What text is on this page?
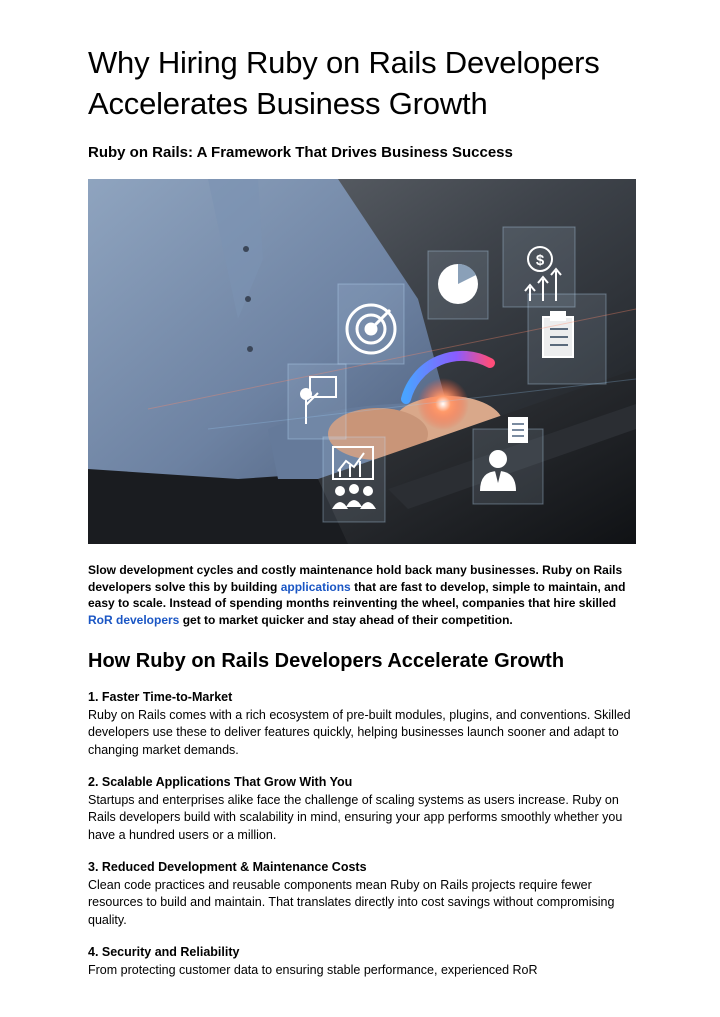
Why Hiring Ruby on Rails Developers Accelerates Business Growth

Ruby on Rails: A Framework That Drives Business Success

$

Slow development cycles and costly maintenance hold back many businesses. Ruby on Rails developers solve this by building applications that are fast to develop, simple to maintain, and easy to scale. Instead of spending months reinventing the wheel, companies that hire skilled RoR developers get to market quicker and stay ahead of their competition.

How Ruby on Rails Developers Accelerate Growth

1. Faster Time-to-Market

Ruby on Rails comes with a rich ecosystem of pre-built modules, plugins, and conventions. Skilled developers use these to deliver features quickly, helping businesses launch sooner and adapt to changing market demands.

2. Scalable Applications That Grow With You

Startups and enterprises alike face the challenge of scaling systems as users increase. Ruby on Rails developers build with scalability in mind, ensuring your app performs smoothly whether you have a hundred users or a million.

3. Reduced Development & Maintenance Costs

Clean code practices and reusable components mean Ruby on Rails projects require fewer resources to build and maintain. That translates directly into cost savings without compromising quality.

4. Security and Reliability

From protecting customer data to ensuring stable performance, experienced RoR
